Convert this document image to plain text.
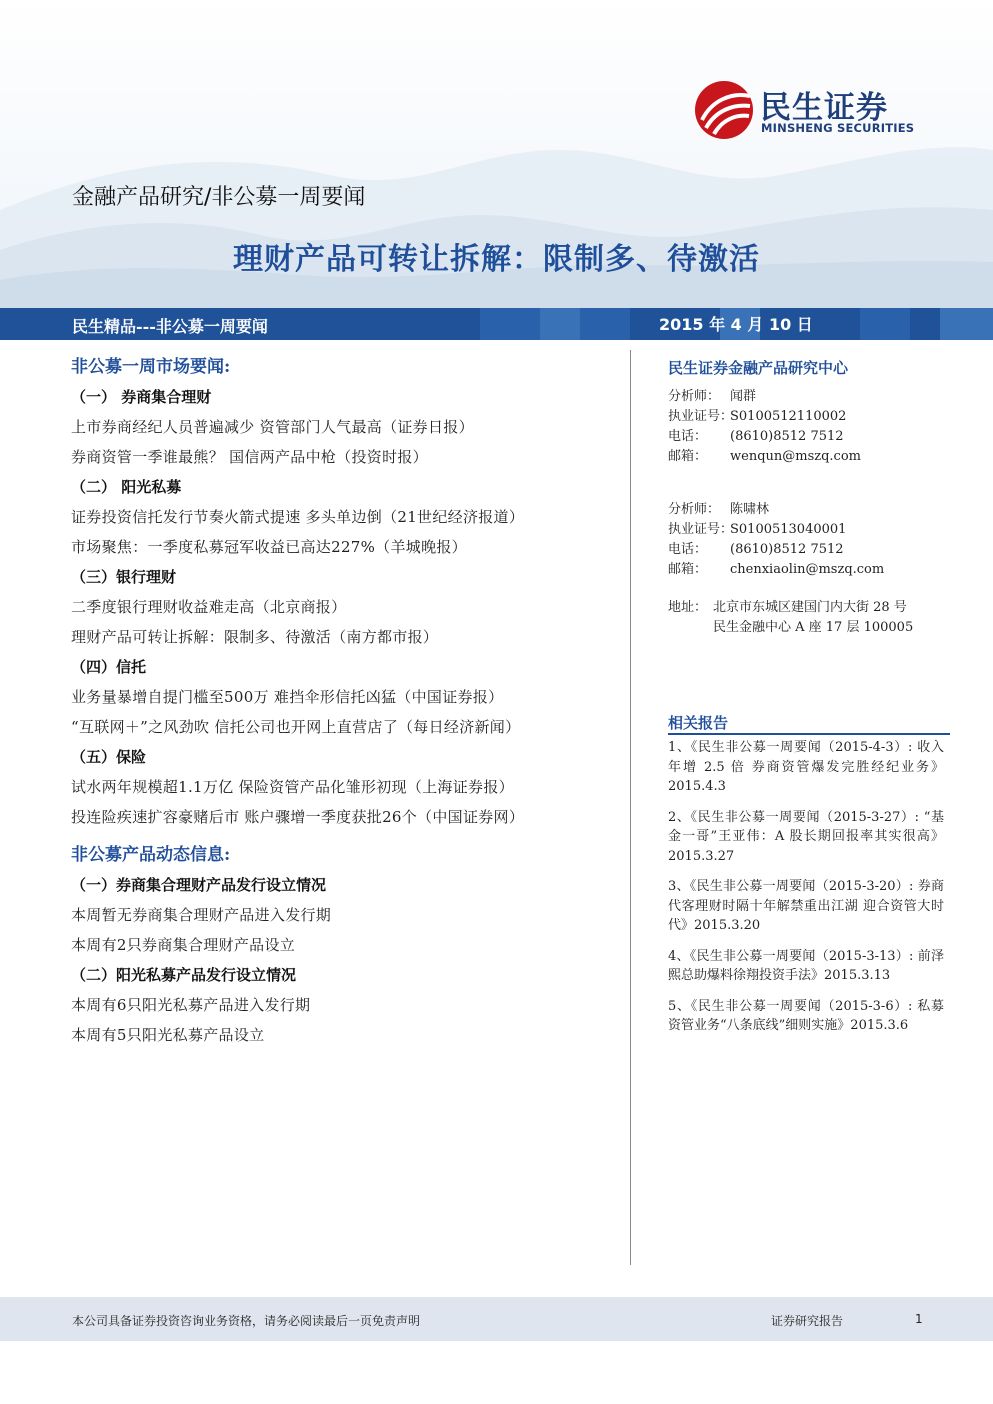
民生证券
MINSHENG SECURITIES
金融产品研究/非公募一周要闻
理财产品可转让拆解：限制多、待激活
民生精品---非公募一周要闻	2015 年 4 月 10 日
非公募一周市场要闻:
（一） 券商集合理财
上市券商经纪人员普遍减少 资管部门人气最高（证券日报）
券商资管一季谁最熊？ 国信两产品中枪（投资时报）
（二） 阳光私募
证券投资信托发行节奏火箭式提速 多头单边倒（21世纪经济报道）
市场聚焦：一季度私募冠军收益已高达227%（羊城晚报）
（三）银行理财
二季度银行理财收益难走高（北京商报）
理财产品可转让拆解：限制多、待激活（南方都市报）
（四）信托
业务量暴增自提门槛至500万 难挡伞形信托凶猛（中国证券报）
“互联网＋”之风劲吹 信托公司也开网上直营店了（每日经济新闻）
（五）保险
试水两年规模超1.1万亿 保险资管产品化雏形初现（上海证券报）
投连险疾速扩容豪赌后市 账户骤增一季度获批26个（中国证券网）
非公募产品动态信息:
（一）券商集合理财产品发行设立情况
本周暂无券商集合理财产品进入发行期
本周有2只券商集合理财产品设立
（二）阳光私募产品发行设立情况
本周有6只阳光私募产品进入发行期
本周有5只阳光私募产品设立
民生证券金融产品研究中心
分析师： 闻群
执业证号：S0100512110002
电话： (8610)8512 7512
邮箱： wenqun@mszq.com
分析师： 陈啸林
执业证号：S0100513040001
电话： (8610)8512 7512
邮箱： chenxiaolin@mszq.com
地址： 北京市东城区建国门内大街 28 号
民生金融中心 A 座 17 层 100005
相关报告
1、《民生非公募一周要闻（2015-4-3）: 收入年增 2.5 倍 券商资管爆发完胜经纪业务》2015.4.3
2、《民生非公募一周要闻（2015-3-27）: “基金一哥”王亚伟：A 股长期回报率其实很高》2015.3.27
3、《民生非公募一周要闻（2015-3-20）: 券商代客理财时隔十年解禁重出江湖 迎合资管大时代》2015.3.20
4、《民生非公募一周要闻（2015-3-13）: 前泽熙总助爆料徐翔投资手法》2015.3.13
5、《民生非公募一周要闻（2015-3-6）: 私募资管业务“八条底线”细则实施》2015.3.6
本公司具备证券投资咨询业务资格，请务必阅读最后一页免责声明	证券研究报告	1
